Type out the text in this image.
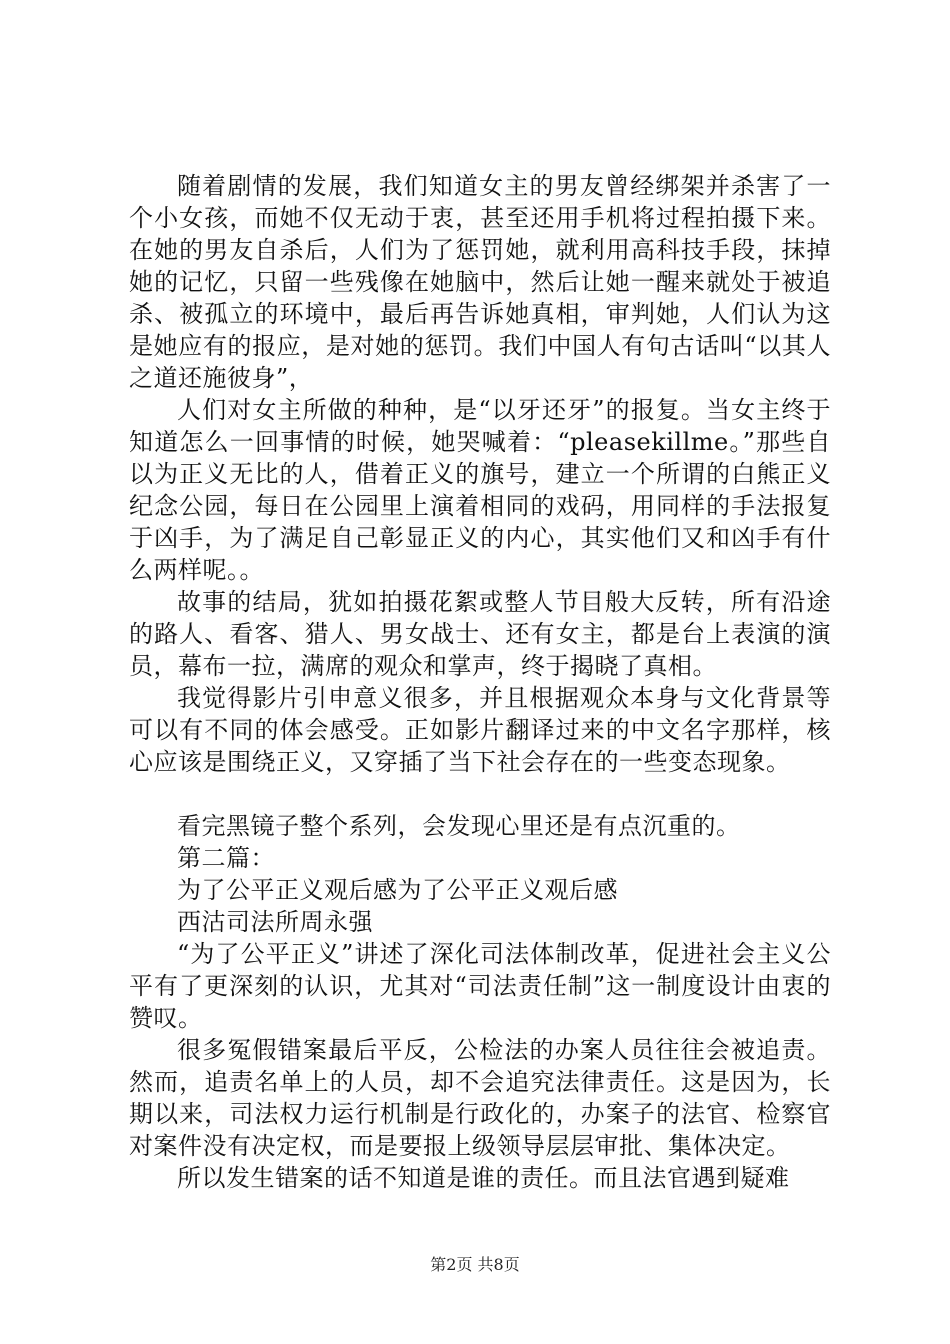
随着剧情的发展，我们知道女主的男友曾经绑架并杀害了一个小女孩，而她不仅无动于衷，甚至还用手机将过程拍摄下来。在她的男友自杀后，人们为了惩罚她，就利用高科技手段，抹掉她的记忆，只留一些残像在她脑中，然后让她一醒来就处于被追杀、被孤立的环境中，最后再告诉她真相，审判她，人们认为这是她应有的报应，是对她的惩罚。我们中国人有句古话叫“以其人之道还施彼身”，

人们对女主所做的种种，是“以牙还牙”的报复。当女主终于知道怎么一回事情的时候，她哭喊着：“pleasekillme。”那些自以为正义无比的人，借着正义的旗号，建立一个所谓的白熊正义纪念公园，每日在公园里上演着相同的戏码，用同样的手法报复于凶手，为了满足自己彰显正义的内心，其实他们又和凶手有什么两样呢。。

故事的结局，犹如拍摄花絮或整人节目般大反转，所有沿途的路人、看客、猎人、男女战士、还有女主，都是台上表演的演员，幕布一拉，满席的观众和掌声，终于揭晓了真相。

我觉得影片引申意义很多，并且根据观众本身与文化背景等可以有不同的体会感受。正如影片翻译过来的中文名字那样，核心应该是围绕正义，又穿插了当下社会存在的一些变态现象。

看完黑镜子整个系列，会发现心里还是有点沉重的。

第二篇：

为了公平正义观后感为了公平正义观后感

西沽司法所周永强

“为了公平正义”讲述了深化司法体制改革，促进社会主义公平有了更深刻的认识，尤其对“司法责任制”这一制度设计由衷的赞叹。

很多冤假错案最后平反，公检法的办案人员往往会被追责。然而，追责名单上的人员，却不会追究法律责任。这是因为，长期以来，司法权力运行机制是行政化的，办案子的法官、检察官对案件没有决定权，而是要报上级领导层层审批、集体决定。

所以发生错案的话不知道是谁的责任。而且法官遇到疑难

第2页 共8页
